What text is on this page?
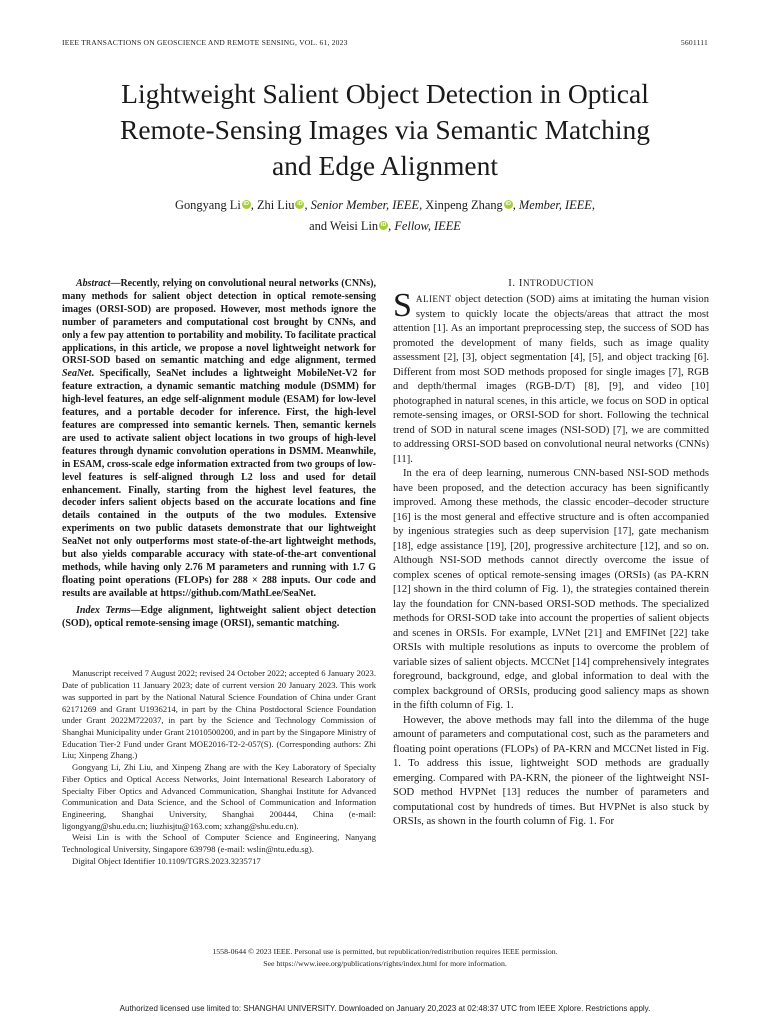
IEEE TRANSACTIONS ON GEOSCIENCE AND REMOTE SENSING, VOL. 61, 2023	5601111
Lightweight Salient Object Detection in Optical
Remote-Sensing Images via Semantic Matching
and Edge Alignment
Gongyang Li iD , Zhi Liu iD , Senior Member, IEEE, Xinpeng Zhang iD , Member, IEEE,
and Weisi Lin iD , Fellow, IEEE

Abstract—Recently, relying on convolutional neural networks (CNNs), many methods for salient object detection in optical remote-sensing images (ORSI-SOD) are proposed. However, most methods ignore the number of parameters and computational cost brought by CNNs, and only a few pay attention to portability and mobility. To facilitate practical applications, in this article, we propose a novel lightweight network for ORSI-SOD based on semantic matching and edge alignment, termed SeaNet. Specifically, SeaNet includes a lightweight MobileNet-V2 for feature extraction, a dynamic semantic matching module (DSMM) for high-level features, an edge self-alignment module (ESAM) for low-level features, and a portable decoder for inference. First, the high-level features are compressed into semantic kernels. Then, semantic kernels are used to activate salient object locations in two groups of high-level features through dynamic convolution operations in DSMM. Meanwhile, in ESAM, cross-scale edge information extracted from two groups of low-level features is self-aligned through L2 loss and used for detail enhancement. Finally, starting from the highest level features, the decoder infers salient objects based on the accurate locations and fine details contained in the outputs of the two modules. Extensive experiments on two public datasets demonstrate that our lightweight SeaNet not only outperforms most state-of-the-art lightweight methods, but also yields comparable accuracy with state-of-the-art conventional methods, while having only 2.76 M parameters and running with 1.7 G floating point operations (FLOPs) for 288 × 288 inputs. Our code and results are available at https://github.com/MathLee/SeaNet.

Index Terms—Edge alignment, lightweight salient object detection (SOD), optical remote-sensing image (ORSI), semantic matching.

Manuscript received 7 August 2022; revised 24 October 2022; accepted 6 January 2023. Date of publication 11 January 2023; date of current version 20 January 2023. This work was supported in part by the National Natural Science Foundation of China under Grant 62171269 and Grant U1936214, in part by the China Postdoctoral Science Foundation under Grant 2022M722037, in part by the Science and Technology Commission of Shanghai Municipality under Grant 21010500200, and in part by the Singapore Ministry of Education Tier-2 Fund under Grant MOE2016-T2-2-057(S). (Corresponding authors: Zhi Liu; Xinpeng Zhang.)

Gongyang Li, Zhi Liu, and Xinpeng Zhang are with the Key Laboratory of Specialty Fiber Optics and Optical Access Networks, Joint International Research Laboratory of Specialty Fiber Optics and Advanced Communication, Shanghai Institute for Advanced Communication and Data Science, and the School of Communication and Information Engineering, Shanghai University, Shanghai 200444, China (e-mail: ligongyang@shu.edu.cn; liuzhisjtu@163.com; xzhang@shu.edu.cn).

Weisi Lin is with the School of Computer Science and Engineering, Nanyang Technological University, Singapore 639798 (e-mail: wslin@ntu.edu.sg).

Digital Object Identifier 10.1109/TGRS.2023.3235717

I. INTRODUCTION

SALIENT object detection (SOD) aims at imitating the human vision system to quickly locate the objects/areas that attract the most attention [1]. As an important preprocessing step, the success of SOD has promoted the development of many fields, such as image quality assessment [2], [3], object segmentation [4], [5], and object tracking [6]. Different from most SOD methods proposed for single images [7], RGB and depth/thermal images (RGB-D/T) [8], [9], and video [10] photographed in natural scenes, in this article, we focus on SOD in optical remote-sensing images, or ORSI-SOD for short. Following the technical trend of SOD in natural scene images (NSI-SOD) [7], we are committed to addressing ORSI-SOD based on convolutional neural networks (CNNs) [11].

In the era of deep learning, numerous CNN-based NSI-SOD methods have been proposed, and the detection accuracy has been significantly improved. Among these methods, the classic encoder–decoder structure [16] is the most general and effective structure and is often accompanied by ingenious strategies such as deep supervision [17], gate mechanism [18], edge assistance [19], [20], progressive architecture [12], and so on. Although NSI-SOD methods cannot directly overcome the issue of complex scenes of optical remote-sensing images (ORSIs) (as PA-KRN [12] shown in the third column of Fig. 1), the strategies contained therein lay the foundation for CNN-based ORSI-SOD methods. The specialized methods for ORSI-SOD take into account the properties of salient objects and scenes in ORSIs. For example, LVNet [21] and EMFINet [22] take ORSIs with multiple resolutions as inputs to overcome the problem of variable sizes of salient objects. MCCNet [14] comprehensively integrates foreground, background, edge, and global information to deal with the complex background of ORSIs, producing good saliency maps as shown in the fifth column of Fig. 1.

However, the above methods may fall into the dilemma of the huge amount of parameters and computational cost, such as the parameters and floating point operations (FLOPs) of PA-KRN and MCCNet listed in Fig. 1. To address this issue, lightweight SOD methods are gradually emerging. Compared with PA-KRN, the pioneer of the lightweight NSI-SOD method HVPNet [13] reduces the number of parameters and computational cost by hundreds of times. But HVPNet is also stuck by ORSIs, as shown in the fourth column of Fig. 1. For

1558-0644 © 2023 IEEE. Personal use is permitted, but republication/redistribution requires IEEE permission.
See https://www.ieee.org/publications/rights/index.html for more information.
Authorized licensed use limited to: SHANGHAI UNIVERSITY. Downloaded on January 20,2023 at 02:48:37 UTC from IEEE Xplore. Restrictions apply.
